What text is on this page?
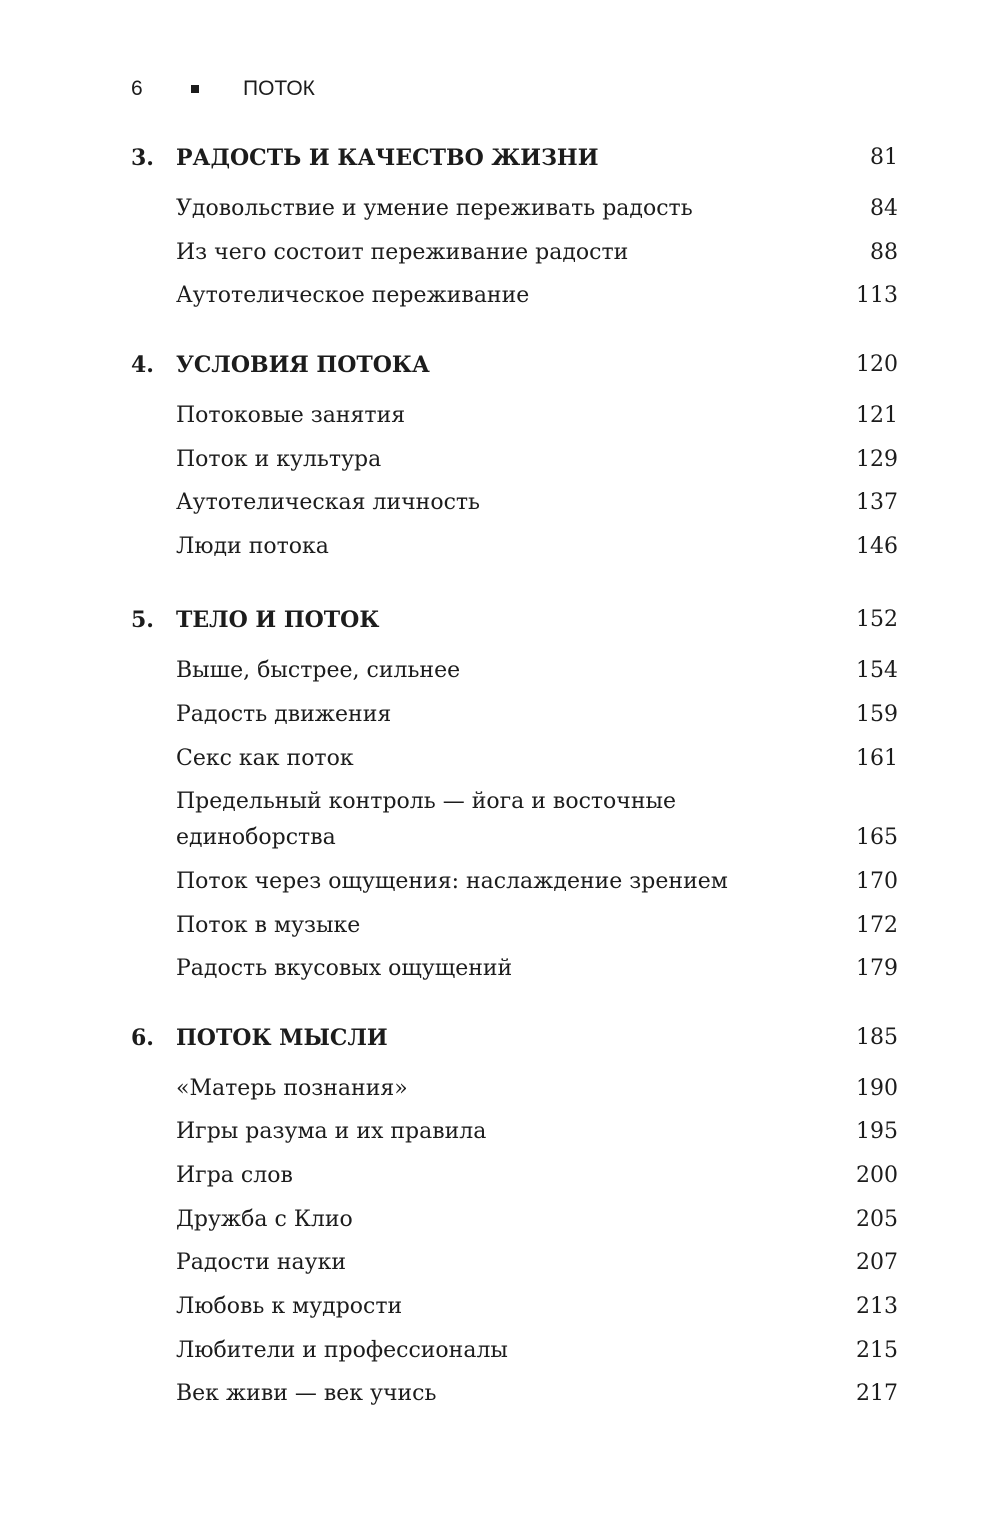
6	ПОТОК
3. РАДОСТЬ И КАЧЕСТВО ЖИЗНИ	81
Удовольствие и умение переживать радость	84
Из чего состоит переживание радости	88
Аутотелическое переживание	113
4. УСЛОВИЯ ПОТОКА	120
Потоковые занятия	121
Поток и культура	129
Аутотелическая личность	137
Люди потока	146
5. ТЕЛО И ПОТОК	152
Выше, быстрее, сильнее	154
Радость движения	159
Секс как поток	161
Предельный контроль — йога и восточные
единоборства	165
Поток через ощущения: наслаждение зрением	170
Поток в музыке	172
Радость вкусовых ощущений	179
6. ПОТОК МЫСЛИ	185
«Матерь познания»	190
Игры разума и их правила	195
Игра слов	200
Дружба с Клио	205
Радости науки	207
Любовь к мудрости	213
Любители и профессионалы	215
Век живи — век учись	217
